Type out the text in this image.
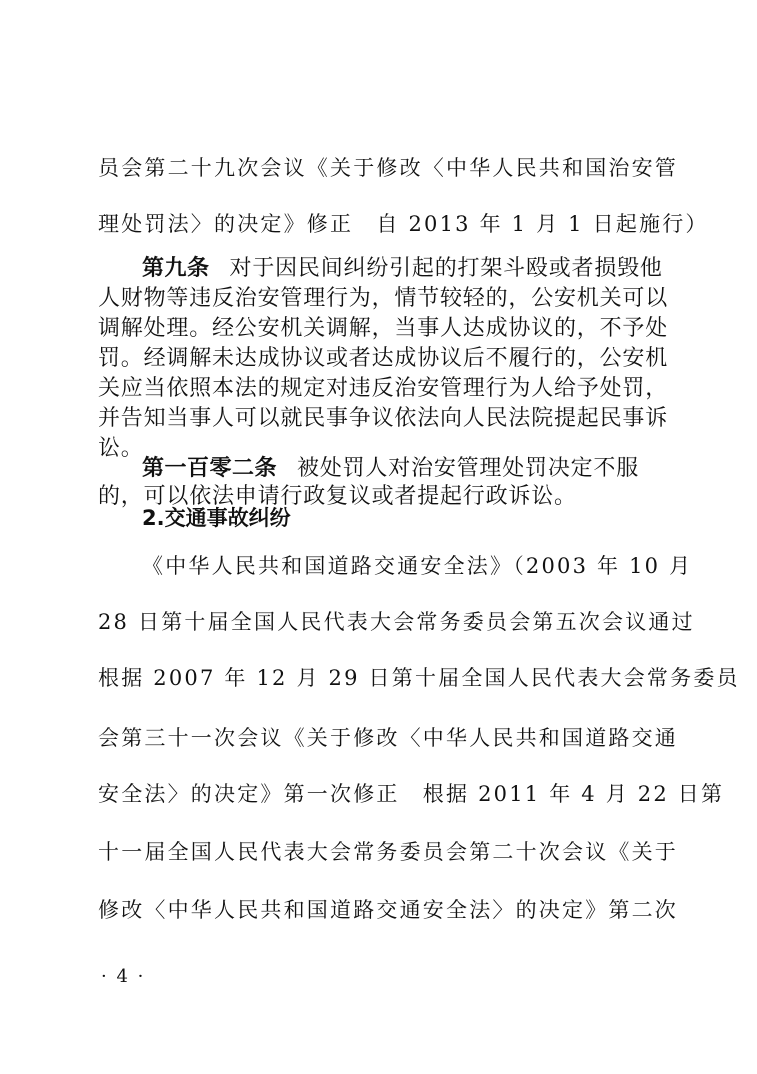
员会第二十九次会议《关于修改〈中华人民共和国治安管
理处罚法〉的决定》修正　自 2013 年 1 月 1 日起施行）
第九条 对于因民间纠纷引起的打架斗殴或者损毁他
人财物等违反治安管理行为，情节较轻的，公安机关可以
调解处理。经公安机关调解，当事人达成协议的，不予处
罚。经调解未达成协议或者达成协议后不履行的，公安机
关应当依照本法的规定对违反治安管理行为人给予处罚，
并告知当事人可以就民事争议依法向人民法院提起民事诉
讼。
第一百零二条 被处罚人对治安管理处罚决定不服
的，可以依法申请行政复议或者提起行政诉讼。
2.交通事故纠纷
《中华人民共和国道路交通安全法》（2003 年 10 月
28 日第十届全国人民代表大会常务委员会第五次会议通过
根据 2007 年 12 月 29 日第十届全国人民代表大会常务委员
会第三十一次会议《关于修改〈中华人民共和国道路交通
安全法〉的决定》第一次修正　根据 2011 年 4 月 22 日第
十一届全国人民代表大会常务委员会第二十次会议《关于
修改〈中华人民共和国道路交通安全法〉的决定》第二次
· 4 ·
